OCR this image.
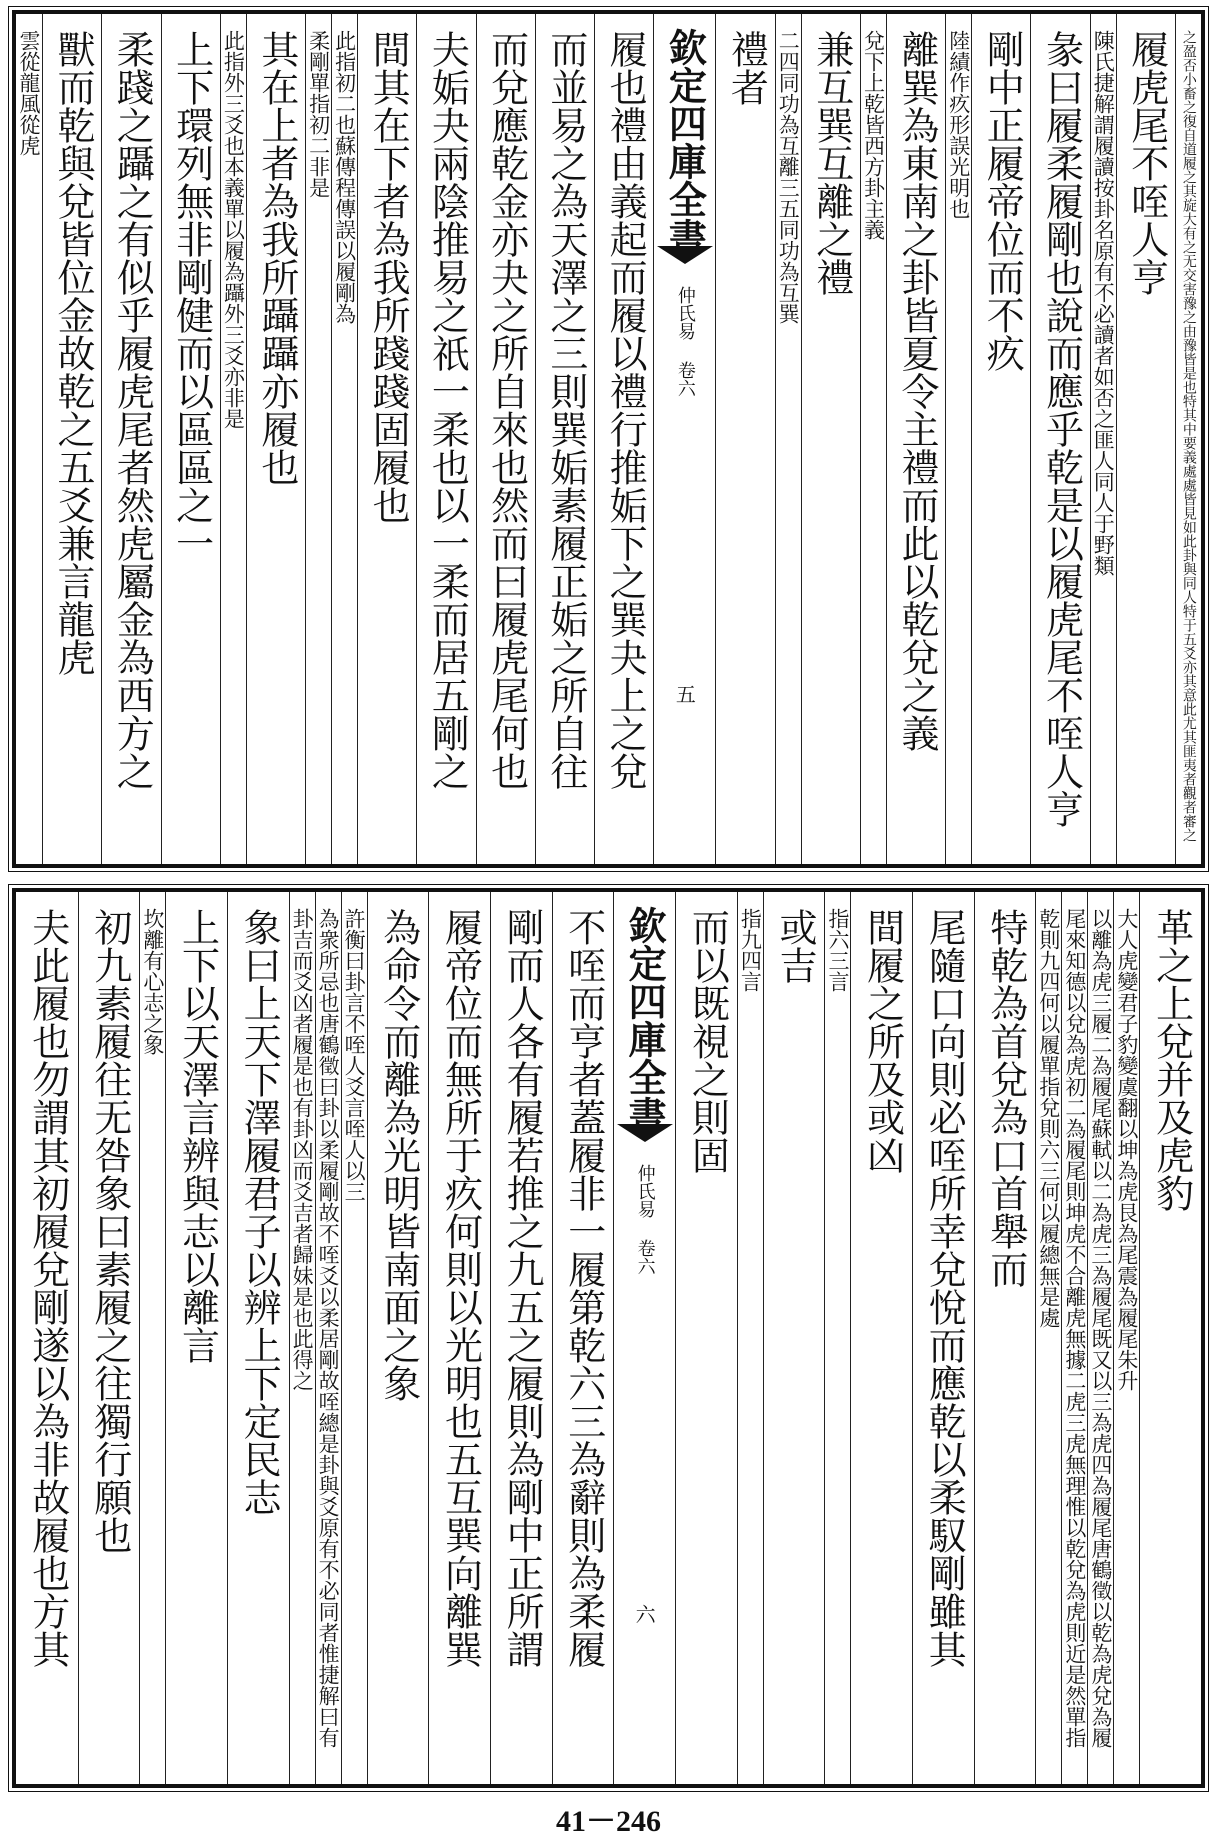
之盈否小畜之復自道履之其旋大有之无交害豫之由豫皆是也特其中要義處處皆見如此卦與同人特于五爻亦其意此尤其匪夷者觀者審之
履虎尾不咥人亨
陳氏捷解謂履讀按卦名原有不必讀者如否之匪人同人于野類
彖曰履柔履剛也說而應乎乾是以履虎尾不咥人亨
剛中正履帝位而不疚
陸績作疚形誤光明也
離巽為東南之卦皆夏令主禮而此以乾兌之義
兌下上乾皆西方卦主義
兼互巽互離之禮
二四同功為互離三五同功為互巽
禮者
欽定四庫全書
仲氏易 卷六
五
履也禮由義起而履以禮行推姤下之巽夬上之兌
而並易之為天澤之三則巽姤素履正姤之所自往
而兌應乾金亦夬之所自來也然而曰履虎尾何也
夫姤夬兩陰推易之祇一柔也以一柔而居五剛之
間其在下者為我所踐踐固履也
此指初二也蘇傳程傳誤以履剛為
柔剛單指初二非是
其在上者為我所躡躡亦履也
此指外三爻也本義單以履為躡外三爻亦非是
上下環列無非剛健而以區區之一
柔踐之躡之有似乎履虎尾者然虎屬金為西方之
獸而乾與兌皆位金故乾之五爻兼言龍虎
雲從龍風從虎
革之上兌并及虎豹
大人虎變君子豹變虞翻以坤為虎艮為尾震為履尾朱升
以離為虎三履二為履尾蘇軾以二為虎三為履尾既又以三為虎四為履尾唐鶴徵以乾為虎兌為履
尾來知德以兌為虎初二為履尾則坤虎不合離虎無據二虎三虎無理惟以乾兌為虎則近是然單指
乾則九四何以履單指兌則六三何以履總無是處
特乾為首兌為口首舉而
尾隨口向則必咥所幸兌悅而應乾以柔馭剛雖其
間履之所及或凶
指六三言
或吉
指九四言
而以既視之則固
欽定四庫全書
仲氏易 卷六
六
不咥而亨者蓋履非一履第乾六三為辭則為柔履
剛而人各有履若推之九五之履則為剛中正所謂
履帝位而無所于疚何則以光明也五互巽向離巽
為命令而離為光明皆南面之象
許衡曰卦言不咥人爻言咥人以三
為衆所忌也唐鶴徵曰卦以柔履剛故不咥爻以柔居剛故咥總是卦與爻原有不必同者惟捷解曰有
卦吉而爻凶者履是也有卦凶而爻吉者歸妹是也此得之
象曰上天下澤履君子以辨上下定民志
上下以天澤言辨與志以離言
坎離有心志之象
初九素履往无咎象曰素履之往獨行願也
夫此履也勿謂其初履兌剛遂以為非故履也方其
41－246
